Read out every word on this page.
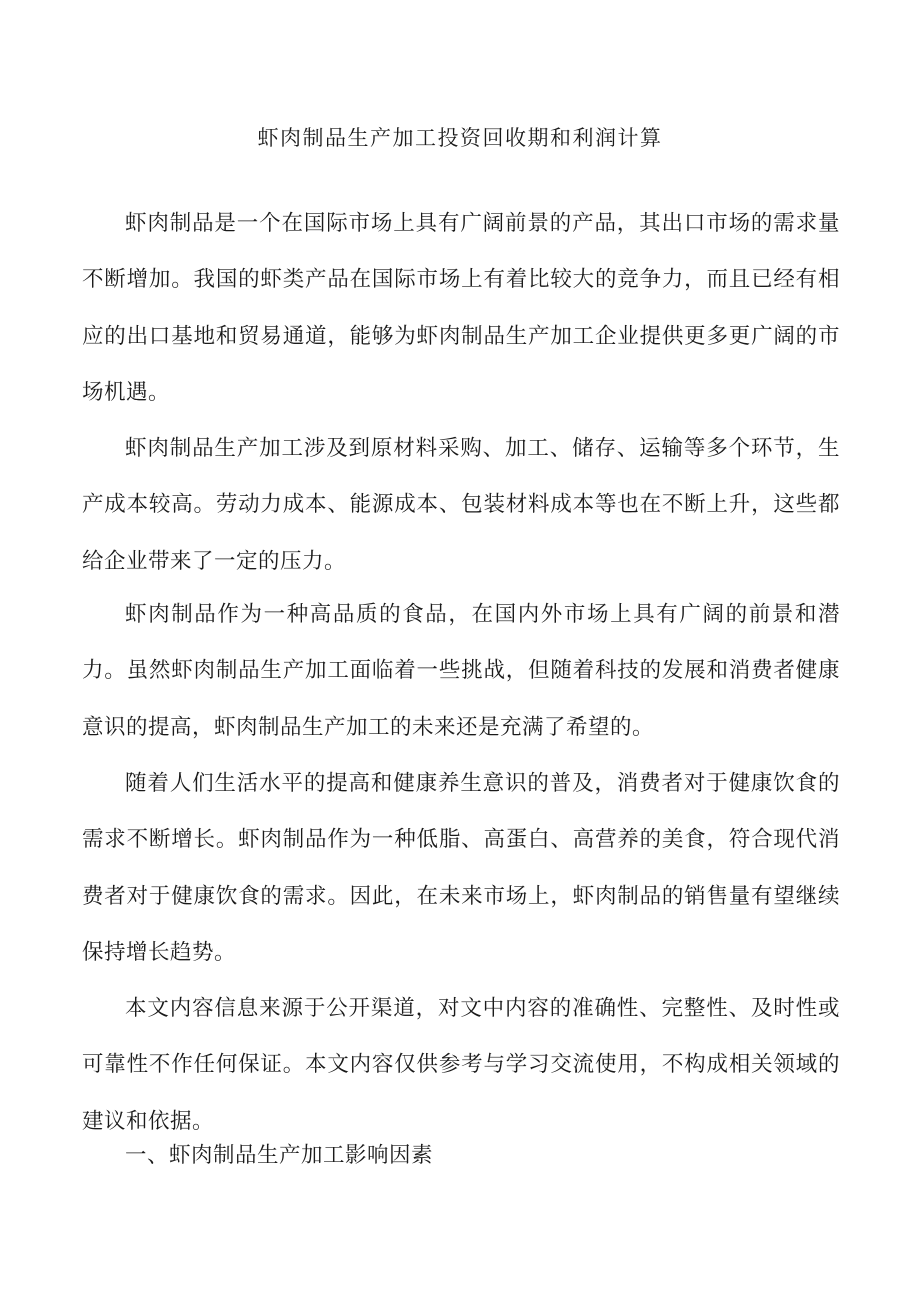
虾肉制品生产加工投资回收期和利润计算

虾肉制品是一个在国际市场上具有广阔前景的产品，其出口市场的需求量不断增加。我国的虾类产品在国际市场上有着比较大的竞争力，而且已经有相应的出口基地和贸易通道，能够为虾肉制品生产加工企业提供更多更广阔的市场机遇。

虾肉制品生产加工涉及到原材料采购、加工、储存、运输等多个环节，生产成本较高。劳动力成本、能源成本、包装材料成本等也在不断上升，这些都给企业带来了一定的压力。

虾肉制品作为一种高品质的食品，在国内外市场上具有广阔的前景和潜力。虽然虾肉制品生产加工面临着一些挑战，但随着科技的发展和消费者健康意识的提高，虾肉制品生产加工的未来还是充满了希望的。

随着人们生活水平的提高和健康养生意识的普及，消费者对于健康饮食的需求不断增长。虾肉制品作为一种低脂、高蛋白、高营养的美食，符合现代消费者对于健康饮食的需求。因此，在未来市场上，虾肉制品的销售量有望继续保持增长趋势。

本文内容信息来源于公开渠道，对文中内容的准确性、完整性、及时性或可靠性不作任何保证。本文内容仅供参考与学习交流使用，不构成相关领域的建议和依据。

一、虾肉制品生产加工影响因素
